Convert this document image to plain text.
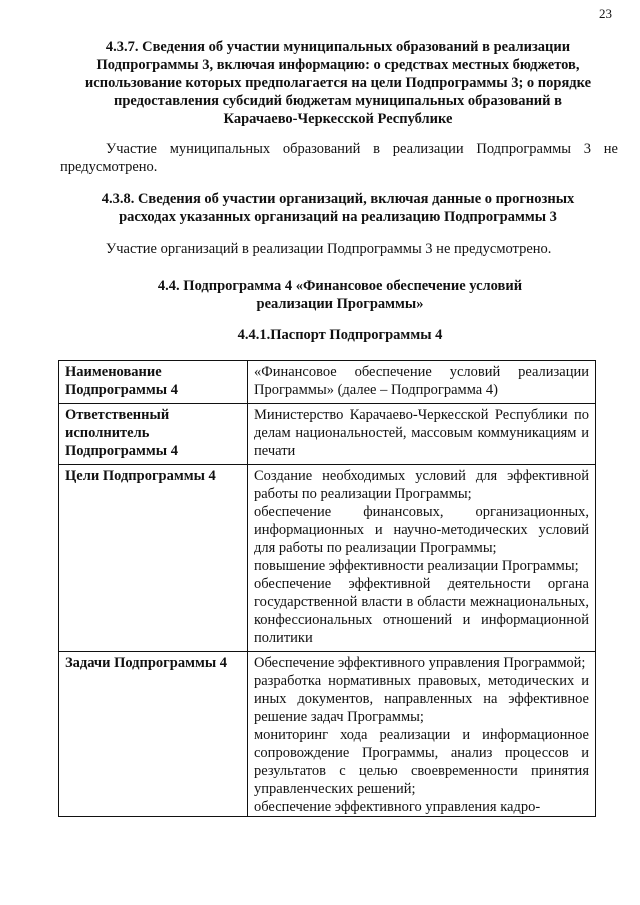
23
4.3.7. Сведения об участии муниципальных образований в реализации Подпрограммы 3, включая информацию: о средствах местных бюджетов, использование которых предполагается на цели Подпрограммы 3; о порядке предоставления субсидий бюджетам муниципальных образований в Карачаево-Черкесской Республике
Участие муниципальных образований в реализации Подпрограммы 3 не предусмотрено.
4.3.8. Сведения об участии организаций, включая данные о прогнозных расходах указанных организаций на реализацию Подпрограммы 3
Участие организаций в реализации Подпрограммы 3 не предусмотрено.
4.4. Подпрограмма 4 «Финансовое обеспечение условий реализации Программы»
4.4.1.Паспорт Подпрограммы 4
Наименование Подпрограммы 4	«Финансовое обеспечение условий реализации Программы» (далее – Подпрограмма 4)

Ответственный исполнитель Подпрограммы 4	Министерство Карачаево-Черкесской Республики по делам национальностей, массовым коммуникациям и печати

Цели Подпрограммы 4	Создание необходимых условий для эффективной работы по реализации Программы;
обеспечение финансовых, организационных, информационных и научно-методических условий для работы по реализации Программы;
повышение эффективности реализации Программы;
обеспечение эффективной деятельности органа государственной власти в области межнациональных, конфессиональных отношений и информационной политики

Задачи Подпрограммы 4	Обеспечение эффективного управления Программой;
разработка нормативных правовых, методических и иных документов, направленных на эффективное решение задач Программы;
мониторинг хода реализации и информационное сопровождение Программы, анализ процессов и результатов с целью своевременности принятия управленческих решений;
обеспечение эффективного управления кадро-
